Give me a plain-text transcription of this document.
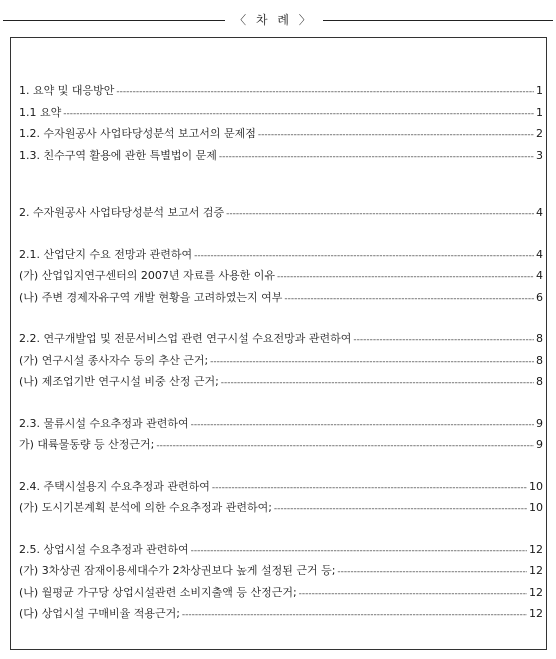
〈 차 례 〉
1. 요약 및 대응방안 -----	1
1.1 요약 -----	1
1.2. 수자원공사 사업타당성분석 보고서의 문제점 -----	2
1.3. 친수구역 활용에 관한 특별법이 문제 -----	3
2. 수자원공사 사업타당성분석 보고서 검증 -----	4
2.1. 산업단지 수요 전망과 관련하여 -----	4
(가) 산업입지연구센터의 2007년 자료를 사용한 이유 -----	4
(나) 주변 경제자유구역 개발 현황을 고려하였는지 여부 -----	6
2.2. 연구개발업 및 전문서비스업 관련 연구시설 수요전망과 관련하여 -----	8
(가) 연구시설 종사자수 등의 추산 근거; -----	8
(나) 제조업기반 연구시설 비중 산정 근거; -----	8
2.3. 물류시설 수요추정과 관련하여 -----	9
가) 대륙물동량 등 산정근거; -----	9
2.4. 주택시설용지 수요추정과 관련하여 -----	10
(가) 도시기본계획 분석에 의한 수요추정과 관련하여; -----	10
2.5. 상업시설 수요추정과 관련하여 -----	12
(가) 3차상권 잠재이용세대수가 2차상권보다 높게 설정된 근거 등; -----	12
(나) 월평균 가구당 상업시설관련 소비지출액 등 산정근거; -----	12
(다) 상업시설 구매비율 적용근거; -----	12
